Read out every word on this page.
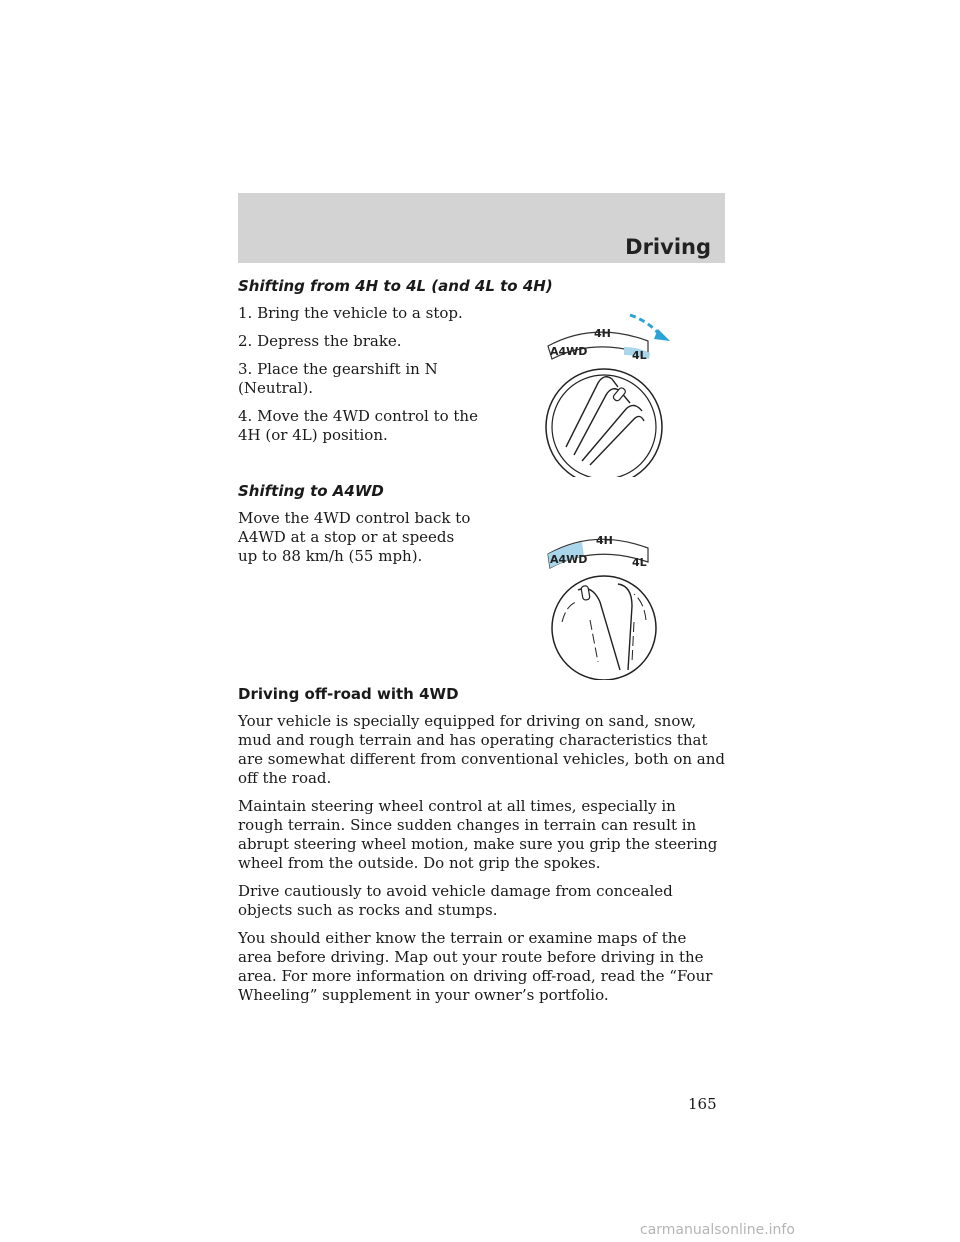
Driving
Shifting from 4H to 4L (and 4L to 4H)
1. Bring the vehicle to a stop.
2. Depress the brake.
3. Place the gearshift in N (Neutral).
4. Move the 4WD control to the 4H (or 4L) position.
A4WD
4H
4L
Shifting to A4WD
Move the 4WD control back to A4WD at a stop or at speeds up to 88 km/h (55 mph).	A4WD
4H
4L
Driving off-road with 4WD
Your vehicle is specially equipped for driving on sand, snow, mud and rough terrain and has operating characteristics that are somewhat different from conventional vehicles, both on and off the road.
Maintain steering wheel control at all times, especially in rough terrain. Since sudden changes in terrain can result in abrupt steering wheel motion, make sure you grip the steering wheel from the outside. Do not grip the spokes.
Drive cautiously to avoid vehicle damage from concealed objects such as rocks and stumps.
You should either know the terrain or examine maps of the area before driving. Map out your route before driving in the area. For more information on driving off-road, read the “Four Wheeling” supplement in your owner’s portfolio.
165
carmanualsonline.info
